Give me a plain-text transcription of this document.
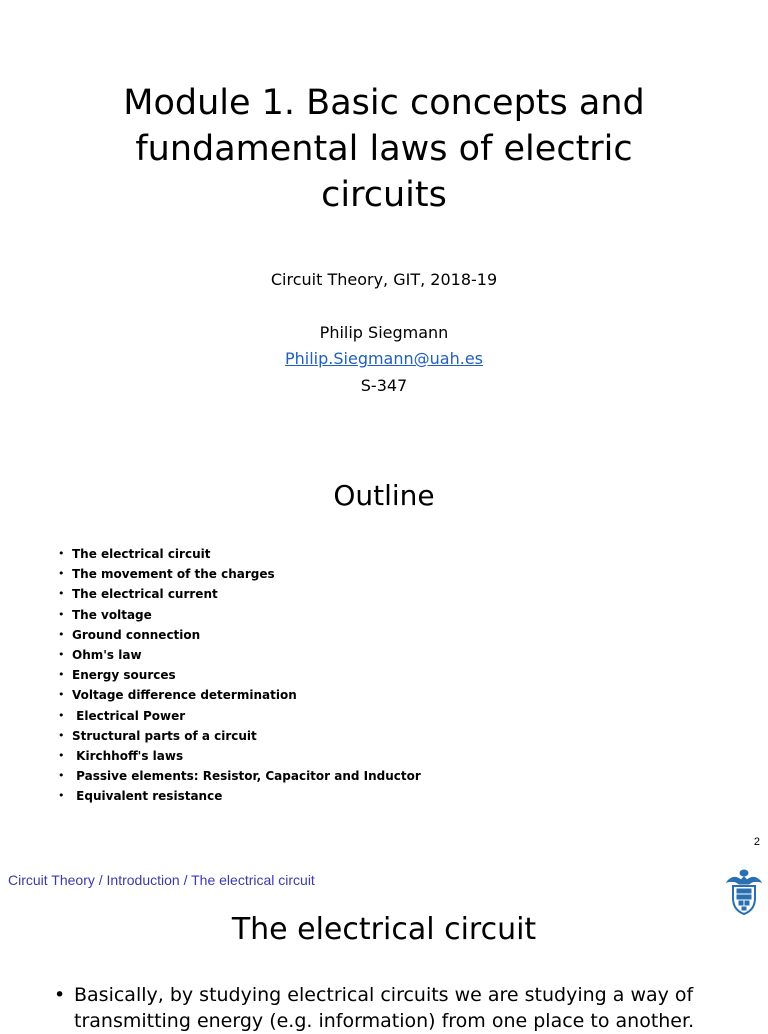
Module 1. Basic concepts and
fundamental laws of electric
circuits
Circuit Theory, GIT, 2018-19
Philip Siegmann
Philip.Siegmann@uah.es
S-347
Outline
• The electrical circuit
• The movement of the charges
• The electrical current
• The voltage
• Ground connection
• Ohm's law
• Energy sources
• Voltage difference determination
• Electrical Power
• Structural parts of a circuit
• Kirchhoff's laws
• Passive elements: Resistor, Capacitor and Inductor
• Equivalent resistance
2
Circuit Theory / Introduction / The electrical circuit
The electrical circuit
• Basically, by studying electrical circuits we are studying a way of
transmitting energy (e.g. information) from one place to another.
